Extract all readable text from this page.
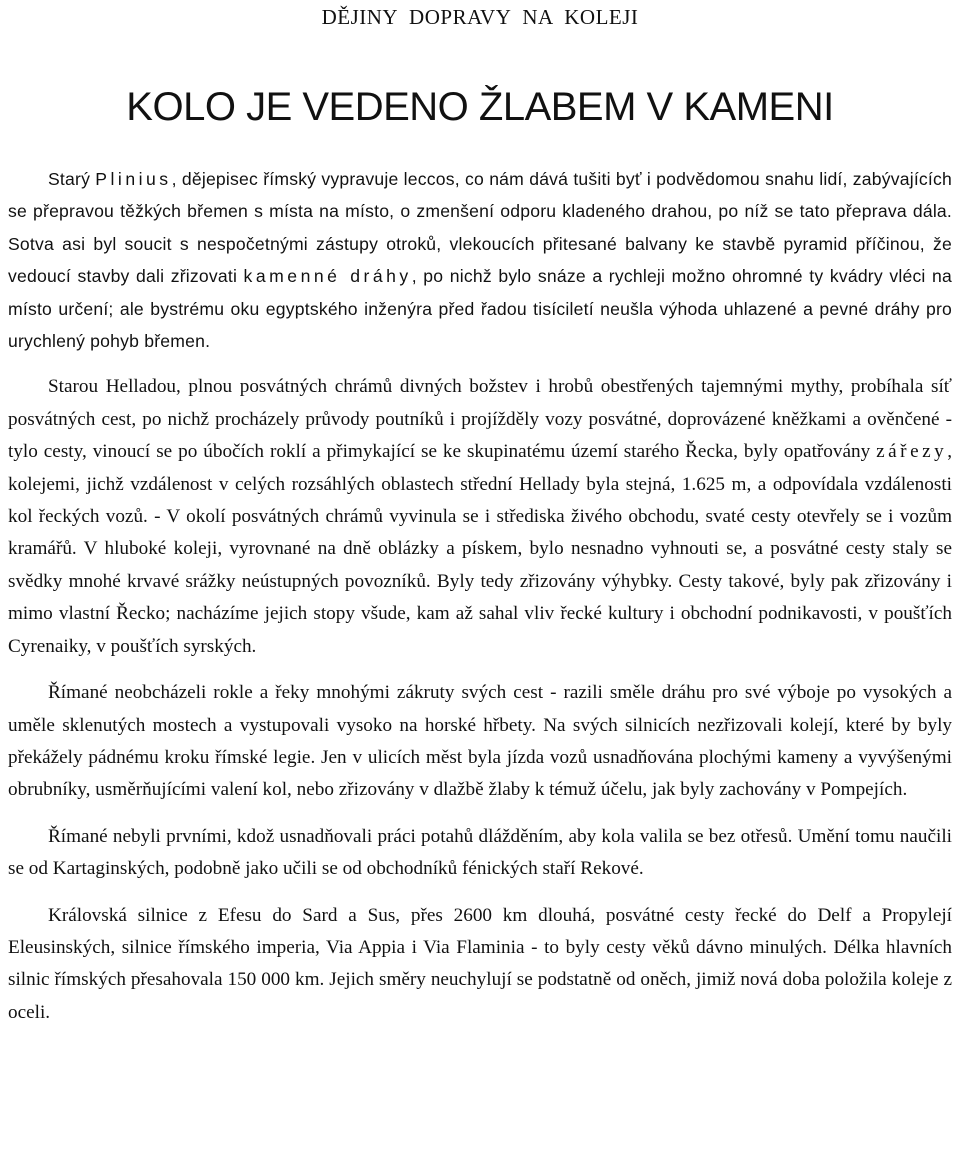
DĚJINY DOPRAVY NA KOLEJI
KOLO JE VEDENO ŽLABEM V KAMENI

Starý Plinius, dějepisec římský vypravuje leccos, co nám dává tušiti byť i podvědomou snahu lidí, zabývajících se přepravou těžkých břemen s místa na místo, o zmenšení odporu kladeného drahou, po níž se tato přeprava dála. Sotva asi byl soucit s nespočetnými zástupy otroků, vlekoucích přitesané balvany ke stavbě pyramid příčinou, že vedoucí stavby dali zřizovati kamenné dráhy, po nichž bylo snáze a rychleji možno ohromné ty kvádry vléci na místo určení; ale bystrému oku egyptského inženýra před řadou tisíciletí neušla výhoda uhlazené a pevné dráhy pro urychlený pohyb břemen.

Starou Helladou, plnou posvátných chrámů divných božstev i hrobů obestřených tajemnými mythy, probíhala síť posvátných cest, po nichž procházely průvody poutníků i projížděly vozy posvátné, doprovázené kněžkami a ověnčené - tylo cesty, vinoucí se po úbočích roklí a přimykající se ke skupinatému území starého Řecka, byly opatřovány zářezy, kolejemi, jichž vzdálenost v celých rozsáhlých oblastech střední Hellady byla stejná, 1.625 m, a odpovídala vzdálenosti kol řeckých vozů. - V okolí posvátných chrámů vyvinula se i střediska živého obchodu, svaté cesty otevřely se i vozům kramářů. V hluboké koleji, vyrovnané na dně oblázky a pískem, bylo nesnadno vyhnouti se, a posvátné cesty staly se svědky mnohé krvavé srážky neústupných povozníků. Byly tedy zřizovány výhybky. Cesty takové, byly pak zřizovány i mimo vlastní Řecko; nacházíme jejich stopy všude, kam až sahal vliv řecké kultury i obchodní podnikavosti, v poušťích Cyrenaiky, v poušťích syrských.

Římané neobcházeli rokle a řeky mnohými zákruty svých cest - razili směle dráhu pro své výboje po vysokých a uměle sklenutých mostech a vystupovali vysoko na horské hřbety. Na svých silnicích nezřizovali kolejí, které by byly překážely pádnému kroku římské legie. Jen v ulicích měst byla jízda vozů usnadňována plochými kameny a vyvýšenými obrubníky, usměrňujícími valení kol, nebo zřizovány v dlažbě žlaby k témuž účelu, jak byly zachovány v Pompejích.

Římané nebyli prvními, kdož usnadňovali práci potahů dlážděním, aby kola valila se bez otřesů. Umění tomu naučili se od Kartaginských, podobně jako učili se od obchodníků fénických staří Rekové.

Královská silnice z Efesu do Sard a Sus, přes 2600 km dlouhá, posvátné cesty řecké do Delf a Propylejí Eleusinských, silnice římského imperia, Via Appia i Via Flaminia - to byly cesty věků dávno minulých. Délka hlavních silnic římských přesahovala 150 000 km. Jejich směry neuchylují se podstatně od oněch, jimiž nová doba položila koleje z oceli.
